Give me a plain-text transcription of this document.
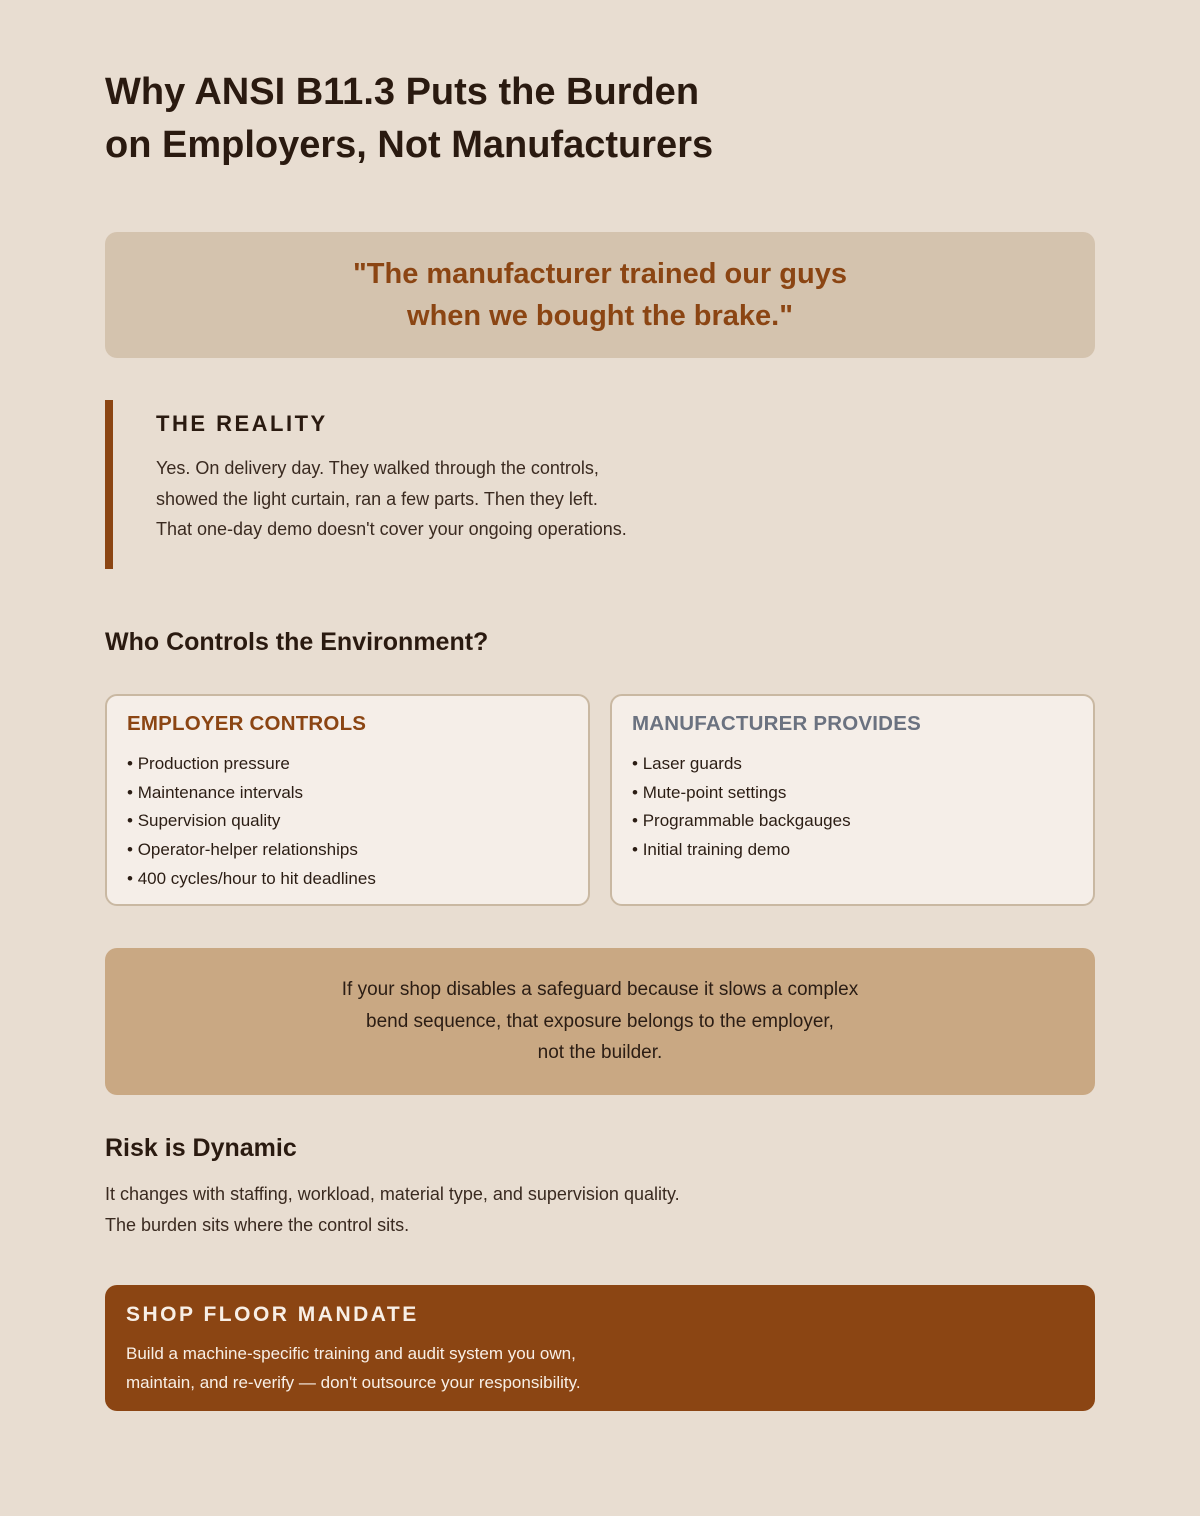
Why ANSI B11.3 Puts the Burden
on Employers, Not Manufacturers

"The manufacturer trained our guys
when we bought the brake."

THE REALITY

Yes. On delivery day. They walked through the controls,
showed the light curtain, ran a few parts. Then they left.
That one-day demo doesn't cover your ongoing operations.

Who Controls the Environment?
EMPLOYER CONTROLS
• Production pressure
• Maintenance intervals
• Supervision quality
• Operator-helper relationships
• 400 cycles/hour to hit deadlines
MANUFACTURER PROVIDES
• Laser guards
• Mute-point settings
• Programmable backgauges
• Initial training demo

If your shop disables a safeguard because it slows a complex
bend sequence, that exposure belongs to the employer,
not the builder.

Risk is Dynamic

It changes with staffing, workload, material type, and supervision quality.
The burden sits where the control sits.

SHOP FLOOR MANDATE

Build a machine-specific training and audit system you own,
maintain, and re-verify — don't outsource your responsibility.
